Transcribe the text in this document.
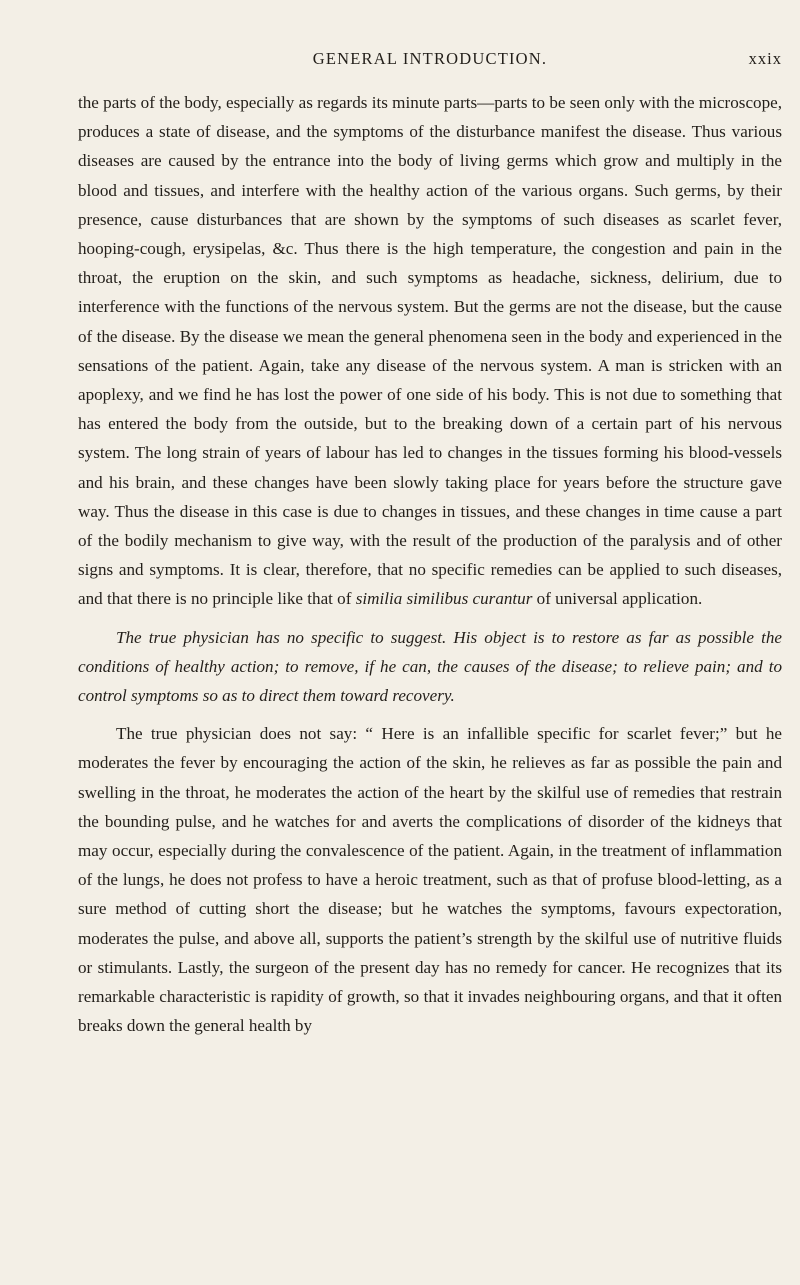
GENERAL INTRODUCTION.	xxix

the parts of the body, especially as regards its minute parts—parts to be seen only with the microscope, produces a state of disease, and the symptoms of the disturbance manifest the disease. Thus various diseases are caused by the entrance into the body of living germs which grow and multiply in the blood and tissues, and interfere with the healthy action of the various organs. Such germs, by their presence, cause disturbances that are shown by the symptoms of such diseases as scarlet fever, hooping-cough, erysipelas, &c. Thus there is the high temperature, the congestion and pain in the throat, the eruption on the skin, and such symptoms as headache, sickness, delirium, due to interference with the functions of the nervous system. But the germs are not the disease, but the cause of the disease. By the disease we mean the general phenomena seen in the body and experienced in the sensations of the patient. Again, take any disease of the nervous system. A man is stricken with an apoplexy, and we find he has lost the power of one side of his body. This is not due to something that has entered the body from the outside, but to the breaking down of a certain part of his nervous system. The long strain of years of labour has led to changes in the tissues forming his blood-vessels and his brain, and these changes have been slowly taking place for years before the structure gave way. Thus the disease in this case is due to changes in tissues, and these changes in time cause a part of the bodily mechanism to give way, with the result of the production of the paralysis and of other signs and symptoms. It is clear, therefore, that no specific remedies can be applied to such diseases, and that there is no principle like that of similia similibus curantur of universal application.

The true physician has no specific to suggest. His object is to restore as far as possible the conditions of healthy action; to remove, if he can, the causes of the disease; to relieve pain; and to control symptoms so as to direct them toward recovery.

The true physician does not say: “ Here is an infallible specific for scarlet fever;” but he moderates the fever by encouraging the action of the skin, he relieves as far as possible the pain and swelling in the throat, he moderates the action of the heart by the skilful use of remedies that restrain the bounding pulse, and he watches for and averts the complications of disorder of the kidneys that may occur, especially during the convalescence of the patient. Again, in the treatment of inflammation of the lungs, he does not profess to have a heroic treatment, such as that of profuse blood-letting, as a sure method of cutting short the disease; but he watches the symptoms, favours expectoration, moderates the pulse, and above all, supports the patient’s strength by the skilful use of nutritive fluids or stimulants. Lastly, the surgeon of the present day has no remedy for cancer. He recognizes that its remarkable characteristic is rapidity of growth, so that it invades neighbouring organs, and that it often breaks down the general health by
